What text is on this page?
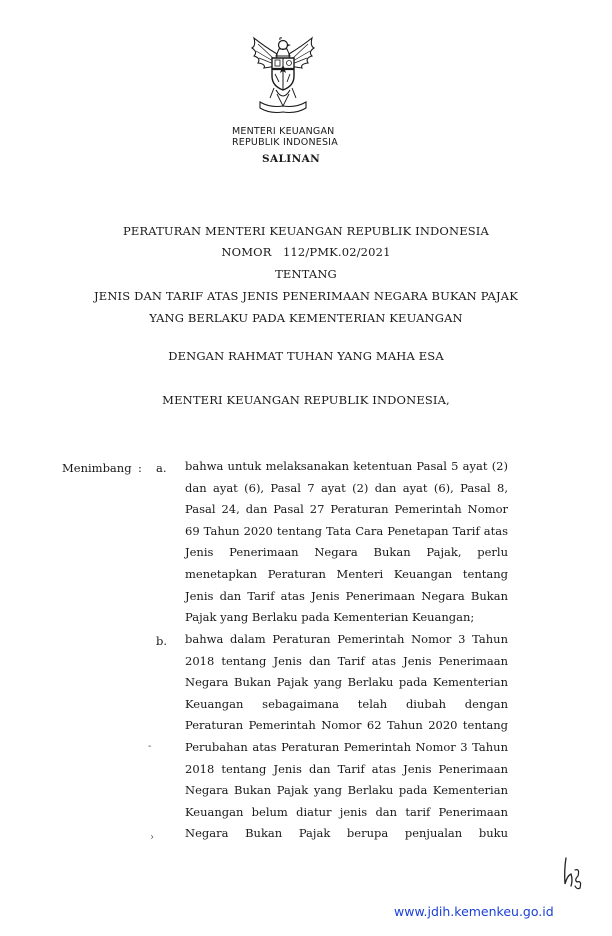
MENTERI KEUANGAN
REPUBLIK INDONESIA
SALINAN
PERATURAN MENTERI KEUANGAN REPUBLIK INDONESIA
NOMOR   112/PMK.02/2021
TENTANG
JENIS DAN TARIF ATAS JENIS PENERIMAAN NEGARA BUKAN PAJAK
YANG BERLAKU PADA KEMENTERIAN KEUANGAN
DENGAN RAHMAT TUHAN YANG MAHA ESA
MENTERI KEUANGAN REPUBLIK INDONESIA,
Menimbang : a. bahwa untuk melaksanakan ketentuan Pasal 5 ayat (2) dan ayat (6), Pasal 7 ayat (2) dan ayat (6), Pasal 8, Pasal 24, dan Pasal 27 Peraturan Pemerintah Nomor 69 Tahun 2020 tentang Tata Cara Penetapan Tarif atas Jenis Penerimaan Negara Bukan Pajak, perlu menetapkan Peraturan Menteri Keuangan tentang Jenis dan Tarif atas Jenis Penerimaan Negara Bukan Pajak yang Berlaku pada Kementerian Keuangan;
b. bahwa dalam Peraturan Pemerintah Nomor 3 Tahun 2018 tentang Jenis dan Tarif atas Jenis Penerimaan Negara Bukan Pajak yang Berlaku pada Kementerian Keuangan sebagaimana telah diubah dengan Peraturan Pemerintah Nomor 62 Tahun 2020 tentang Perubahan atas Peraturan Pemerintah Nomor 3 Tahun 2018 tentang Jenis dan Tarif atas Jenis Penerimaan Negara Bukan Pajak yang Berlaku pada Kementerian Keuangan belum diatur jenis dan tarif Penerimaan Negara Bukan Pajak berupa penjualan buku
-
›
www.jdih.kemenkeu.go.id
